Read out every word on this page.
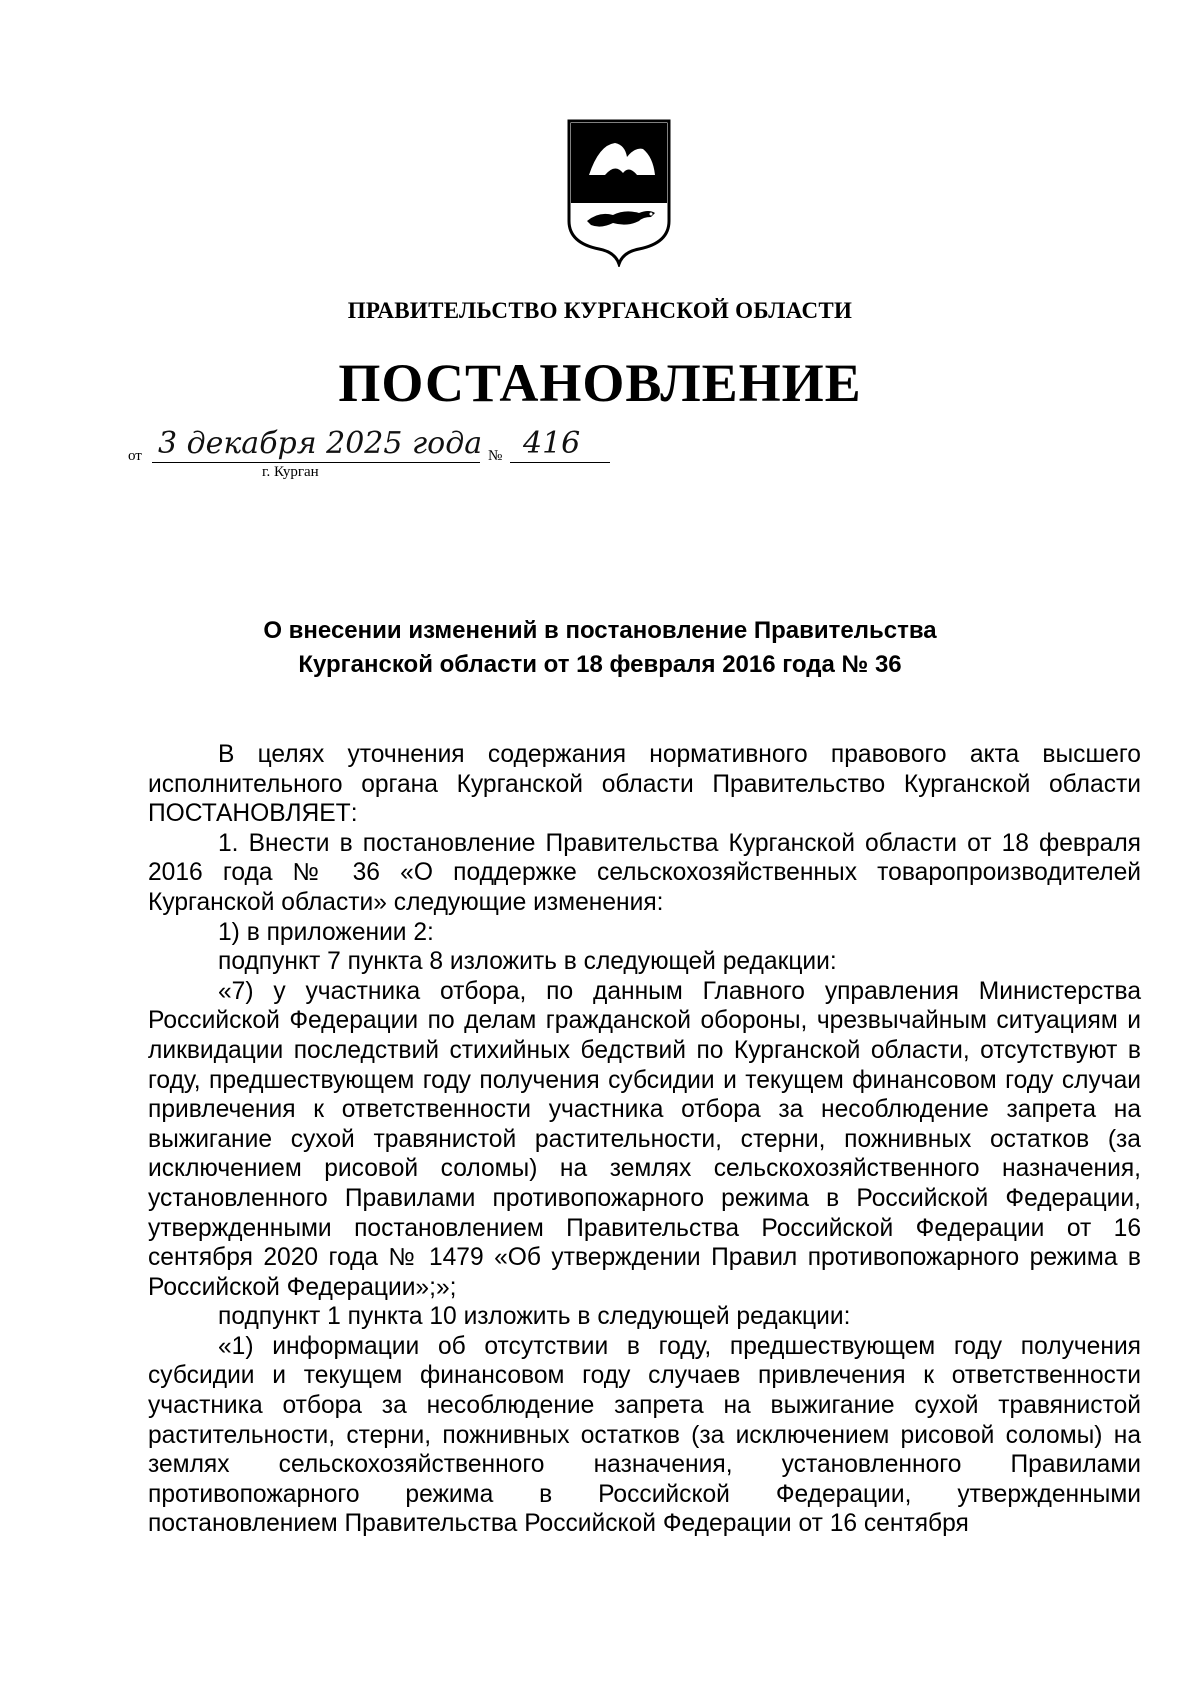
ПРАВИТЕЛЬСТВО КУРГАНСКОЙ ОБЛАСТИ
ПОСТАНОВЛЕНИЕ
от 3 декабря 2025 года № 416
г. Курган
О внесении изменений в постановление Правительства
Курганской области от 18 февраля 2016 года № 36

В целях уточнения содержания нормативного правового акта высшего исполнительного органа Курганской области Правительство Курганской области ПОСТАНОВЛЯЕТ:

1. Внести в постановление Правительства Курганской области от 18 февраля 2016 года № 36 «О поддержке сельскохозяйственных товаропроизводителей Курганской области» следующие изменения:

1) в приложении 2:

подпункт 7 пункта 8 изложить в следующей редакции:

«7) у участника отбора, по данным Главного управления Министерства Российской Федерации по делам гражданской обороны, чрезвычайным ситуациям и ликвидации последствий стихийных бедствий по Курганской области, отсутствуют в году, предшествующем году получения субсидии и текущем финансовом году случаи привлечения к ответственности участника отбора за несоблюдение запрета на выжигание сухой травянистой растительности, стерни, пожнивных остатков (за исключением рисовой соломы) на землях сельскохозяйственного назначения, установленного Правилами противопожарного режима в Российской Федерации, утвержденными постановлением Правительства Российской Федерации от 16 сентября 2020 года № 1479 «Об утверждении Правил противопожарного режима в Российской Федерации»;»;

подпункт 1 пункта 10 изложить в следующей редакции:

«1) информации об отсутствии в году, предшествующем году получения субсидии и текущем финансовом году случаев привлечения к ответственности участника отбора за несоблюдение запрета на выжигание сухой травянистой растительности, стерни, пожнивных остатков (за исключением рисовой соломы) на землях сельскохозяйственного назначения, установленного Правилами противопожарного режима в Российской Федерации, утвержденными постановлением Правительства Российской Федерации от 16 сентября
